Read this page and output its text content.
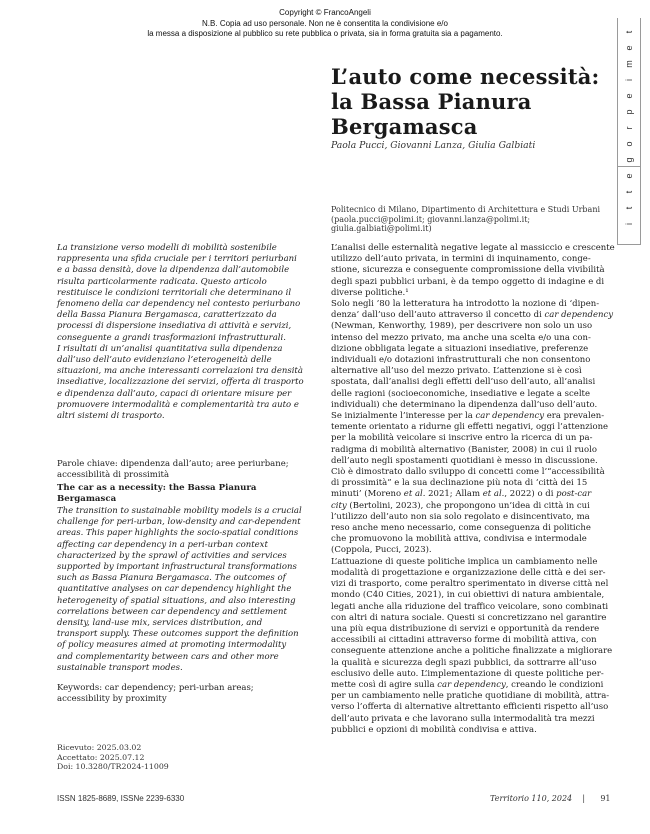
Copyright © FrancoAngeli
N.B. Copia ad uso personale. Non ne è consentita la condivisione e/o
la messa a disposizione al pubblico su rete pubblica o privata, sia in forma gratuita sia a pagamento.	t
e
m
i
e
p
r
o
g
e
t
t
i
L’auto come necessità:
la Bassa Pianura
Bergamasca
Paola Pucci, Giovanni Lanza, Giulia Galbiati
Politecnico di Milano, Dipartimento di Architettura e Studi Urbani
(paola.pucci@polimi.it; giovanni.lanza@polimi.it;
giulia.galbiati@polimi.it)
La transizione verso modelli di mobilità sostenibile
rappresenta una sfida cruciale per i territori periurbani
e a bassa densità, dove la dipendenza dall’automobile
risulta particolarmente radicata. Questo articolo
restituisce le condizioni territoriali che determinano il
fenomeno della car dependency nel contesto periurbano
della Bassa Pianura Bergamasca, caratterizzato da
processi di dispersione insediativa di attività e servizi,
conseguente a grandi trasformazioni infrastrutturali.
I risultati di un’analisi quantitativa sulla dipendenza
dall’uso dell’auto evidenziano l’eterogeneità delle
situazioni, ma anche interessanti correlazioni tra densità
insediative, localizzazione dei servizi, offerta di trasporto
e dipendenza dall’auto, capaci di orientare misure per
promuovere intermodalità e complementarità tra auto e
altri sistemi di trasporto.
Parole chiave: dipendenza dall’auto; aree periurbane;
accessibilità di prossimità
The car as a necessity: the Bassa Pianura
Bergamasca
The transition to sustainable mobility models is a crucial
challenge for peri-urban, low-density and car-dependent
areas. This paper highlights the socio-spatial conditions
affecting car dependency in a peri-urban context
characterized by the sprawl of activities and services
supported by important infrastructural transformations
such as Bassa Pianura Bergamasca. The outcomes of
quantitative analyses on car dependency highlight the
heterogeneity of spatial situations, and also interesting
correlations between car dependency and settlement
density, land-use mix, services distribution, and
transport supply. These outcomes support the definition
of policy measures aimed at promoting intermodality
and complementarity between cars and other more
sustainable transport modes.
Keywords: car dependency; peri-urban areas;
accessibility by proximity
Ricevuto: 2025.03.02
Accettato: 2025.07.12
Doi: 10.3280/TR2024-11009
L’analisi delle esternalità negative legate al massiccio e crescente
utilizzo dell’auto privata, in termini di inquinamento, conge-
stione, sicurezza e conseguente compromissione della vivibilità
degli spazi pubblici urbani, è da tempo oggetto di indagine e di
diverse politiche.¹
Solo negli ’80 la letteratura ha introdotto la nozione di ‘dipen-
denza’ dall’uso dell’auto attraverso il concetto di car dependency
(Newman, Kenworthy, 1989), per descrivere non solo un uso
intenso del mezzo privato, ma anche una scelta e/o una con-
dizione obbligata legate a situazioni insediative, preferenze
individuali e/o dotazioni infrastrutturali che non consentono
alternative all’uso del mezzo privato. L’attenzione si è così
spostata, dall’analisi degli effetti dell’uso dell’auto, all’analisi
delle ragioni (socioeconomiche, insediative e legate a scelte
individuali) che determinano la dipendenza dall’uso dell’auto.
Se inizialmente l’interesse per la car dependency era prevalen-
temente orientato a ridurne gli effetti negativi, oggi l’attenzione
per la mobilità veicolare si inscrive entro la ricerca di un pa-
radigma di mobilità alternativo (Banister, 2008) in cui il ruolo
dell’auto negli spostamenti quotidiani è messo in discussione.
Ciò è dimostrato dallo sviluppo di concetti come l’“accessibilità
di prossimità” e la sua declinazione più nota di ‘città dei 15
minuti’ (Moreno et al. 2021; Allam et al., 2022) o di post-car
city (Bertolini, 2023), che propongono un’idea di città in cui
l’utilizzo dell’auto non sia solo regolato e disincentivato, ma
reso anche meno necessario, come conseguenza di politiche
che promuovono la mobilità attiva, condivisa e intermodale
(Coppola, Pucci, 2023).
L’attuazione di queste politiche implica un cambiamento nelle
modalità di progettazione e organizzazione delle città e dei ser-
vizi di trasporto, come peraltro sperimentato in diverse città nel
mondo (C40 Cities, 2021), in cui obiettivi di natura ambientale,
legati anche alla riduzione del traffico veicolare, sono combinati
con altri di natura sociale. Questi si concretizzano nel garantire
una più equa distribuzione di servizi e opportunità da rendere
accessibili ai cittadini attraverso forme di mobilità attiva, con
conseguente attenzione anche a politiche finalizzate a migliorare
la qualità e sicurezza degli spazi pubblici, da sottrarre all’uso
esclusivo delle auto. L’implementazione di queste politiche per-
mette così di agire sulla car dependency, creando le condizioni
per un cambiamento nelle pratiche quotidiane di mobilità, attra-
verso l’offerta di alternative altrettanto efficienti rispetto all’uso
dell’auto privata e che lavorano sulla intermodalità tra mezzi
pubblici e opzioni di mobilità condivisa e attiva.
ISSN 1825-8689, ISSNe 2239-6330	Territorio 110, 2024 | 91
